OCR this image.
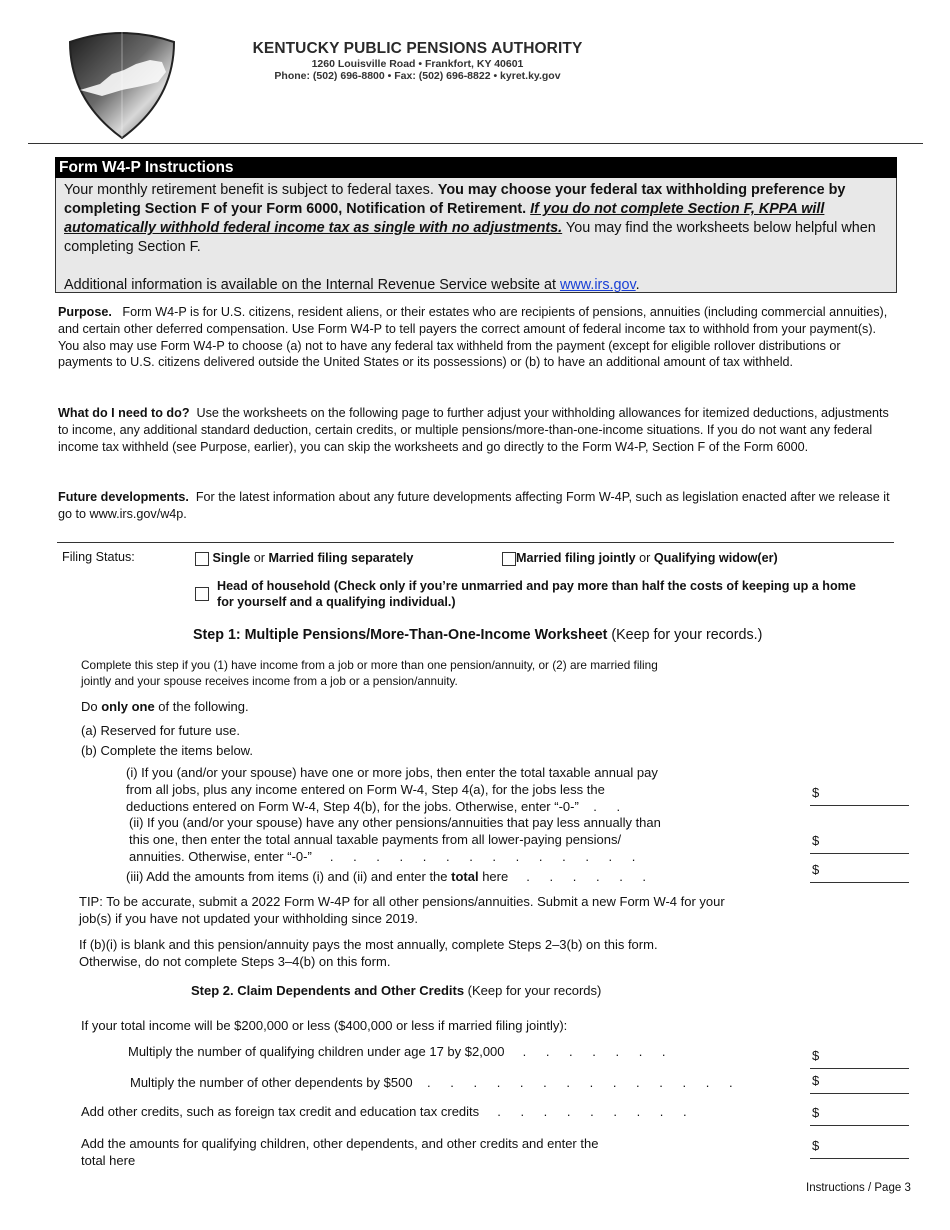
KENTUCKY PUBLIC PENSIONS AUTHORITY
1260 Louisville Road • Frankfort, KY 40601
Phone: (502) 696-8800 • Fax: (502) 696-8822 • kyret.ky.gov
Form W4-P Instructions

Your monthly retirement benefit is subject to federal taxes. You may choose your federal tax withholding preference by completing Section F of your Form 6000, Notification of Retirement. If you do not complete Section F, KPPA will automatically withhold federal income tax as single with no adjustments. You may find the worksheets below helpful when completing Section F.

Additional information is available on the Internal Revenue Service website at www.irs.gov.

Purpose. Form W4-P is for U.S. citizens, resident aliens, or their estates who are recipients of pensions, annuities (including commercial annuities), and certain other deferred compensation. Use Form W4-P to tell payers the correct amount of federal income tax to withhold from your payment(s). You also may use Form W4-P to choose (a) not to have any federal tax withheld from the payment (except for eligible rollover distributions or payments to U.S. citizens delivered outside the United States or its possessions) or (b) to have an additional amount of tax withheld.
What do I need to do? Use the worksheets on the following page to further adjust your withholding allowances for itemized deductions, adjustments to income, any additional standard deduction, certain credits, or multiple pensions/more-than-one-income situations. If you do not want any federal income tax withheld (see Purpose, earlier), you can skip the worksheets and go directly to the Form W4-P, Section F of the Form 6000.
Future developments. For the latest information about any future developments affecting Form W-4P, such as legislation enacted after we release it go to www.irs.gov/w4p.
Filing Status:	Single or Married filing separately	Married filing jointly or Qualifying widow(er)
Head of household (Check only if you’re unmarried and pay more than half the costs of keeping up a home
for yourself and a qualifying individual.)
Step 1: Multiple Pensions/More-Than-One-Income Worksheet (Keep for your records.)
Complete this step if you (1) have income from a job or more than one pension/annuity, or (2) are married filing
jointly and your spouse receives income from a job or a pension/annuity.
Do only one of the following.
(a) Reserved for future use.
(b) Complete the items below.
(i) If you (and/or your spouse) have one or more jobs, then enter the total taxable annual pay
from all jobs, plus any income entered on Form W-4, Step 4(a), for the jobs less the
deductions entered on Form W-4, Step 4(b), for the jobs. Otherwise, enter “-0-” . .
(ii) If you (and/or your spouse) have any other pensions/annuities that pay less annually than
this one, then enter the total annual taxable payments from all lower-paying pensions/
annuities. Otherwise, enter “-0-” . . . . . . . . . . . . . .
(iii) Add the amounts from items (i) and (ii) and enter the total here . . . . . .
$
$
$
TIP: To be accurate, submit a 2022 Form W-4P for all other pensions/annuities. Submit a new Form W-4 for your
job(s) if you have not updated your withholding since 2019.
If (b)(i) is blank and this pension/annuity pays the most annually, complete Steps 2–3(b) on this form.
Otherwise, do not complete Steps 3–4(b) on this form.
Step 2. Claim Dependents and Other Credits (Keep for your records)
If your total income will be $200,000 or less ($400,000 or less if married filing jointly):
Multiply the number of qualifying children under age 17 by $2,000 . . . . . . .
Multiply the number of other dependents by $500 . . . . . . . . . . . . . .
Add other credits, such as foreign tax credit and education tax credits . . . . . . . . .
Add the amounts for qualifying children, other dependents, and other credits and enter the
total here
$
$
$
$
Instructions / Page 3
